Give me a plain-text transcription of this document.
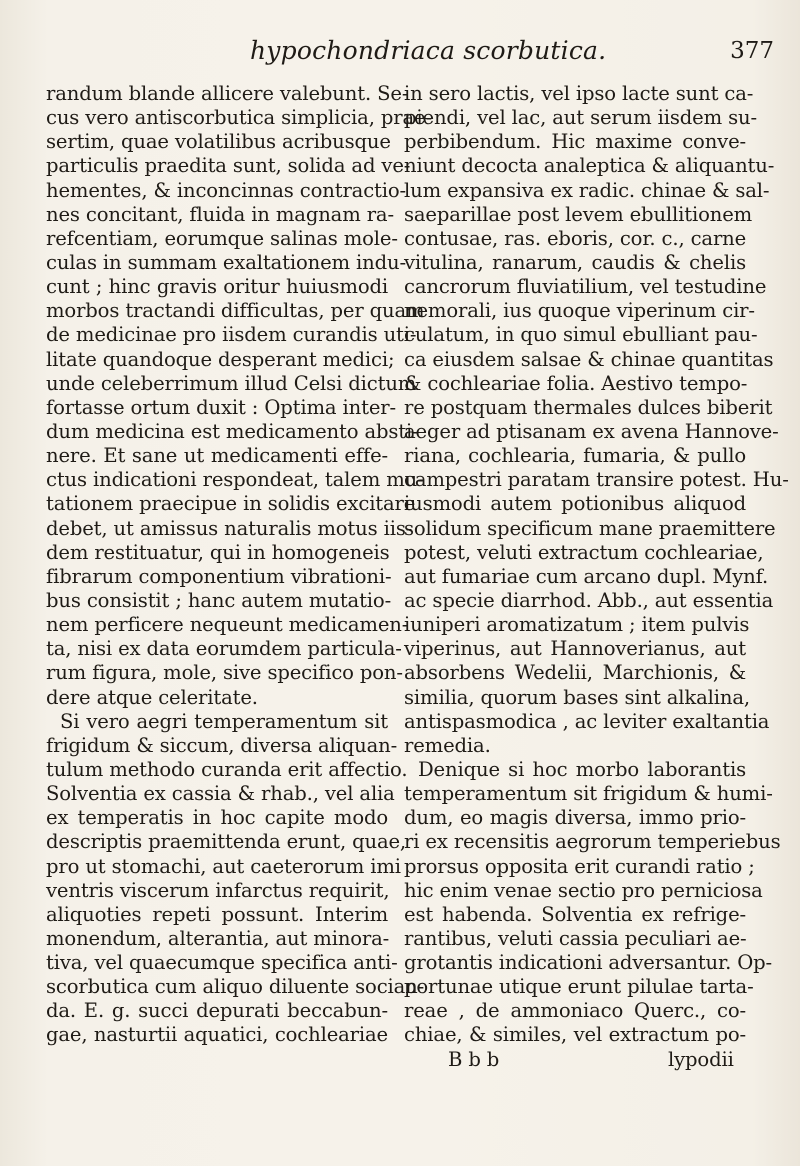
hypochondriaca scorbutica.	377
randum blande allicere valebunt. Se-
cus vero antiscorbutica simplicia, prae-
sertim, quae volatilibus acribusque
particulis praedita sunt, solida ad ve-
hementes, & inconcinnas contractio-
nes concitant, fluida in magnam ra-
refcentiam, eorumque salinas mole-
culas in summam exaltationem indu-
cunt ; hinc gravis oritur huiusmodi
morbos tractandi difficultas, per quam
de medicinae pro iisdem curandis uti-
litate quandoque desperant medici;
unde celeberrimum illud Celsi dictum
fortasse ortum duxit : Optima inter-
dum medicina est medicamento absti-
nere. Et sane ut medicamenti effe-
ctus indicationi respondeat, talem mu-
tationem praecipue in solidis excitare
debet, ut amissus naturalis motus iis-
dem restituatur, qui in homogeneis
fibrarum componentium vibrationi-
bus consistit ; hanc autem mutatio-
nem perficere nequeunt medicamen-
ta, nisi ex data eorumdem particula-
rum figura, mole, sive specifico pon-
dere atque celeritate.
Si vero aegri temperamentum sit
frigidum & siccum, diversa aliquan-
tulum methodo curanda erit affectio.
Solventia ex cassia & rhab., vel alia
ex temperatis in hoc capite modo
descriptis praemittenda erunt, quae,
pro ut stomachi, aut caeterorum imi
ventris viscerum infarctus requirit,
aliquoties repeti possunt. Interim
monendum, alterantia, aut minora-
tiva, vel quaecumque specifica anti-
scorbutica cum aliquo diluente socian-
da. E. g. succi depurati beccabun-
gae, nasturtii aquatici, cochleariae
in sero lactis, vel ipso lacte sunt ca-
piendi, vel lac, aut serum iisdem su-
perbibendum. Hic maxime conve-
niunt decocta analeptica & aliquantu-
lum expansiva ex radic. chinae & sal-
saeparillae post levem ebullitionem
contusae, ras. eboris, cor. c., carne
vitulina, ranarum, caudis & chelis
cancrorum fluviatilium, vel testudine
nemorali, ius quoque viperinum cir-
culatum, in quo simul ebulliant pau-
ca eiusdem salsae & chinae quantitas
& cochleariae folia. Aestivo tempo-
re postquam thermales dulces biberit
aeger ad ptisanam ex avena Hannove-
riana, cochlearia, fumaria, & pullo
campestri paratam transire potest. Hu-
iusmodi autem potionibus aliquod
solidum specificum mane praemittere
potest, veluti extractum cochleariae,
aut fumariae cum arcano dupl. Mynf.
ac specie diarrhod. Abb., aut essentia
iuniperi aromatizatum ; item pulvis
viperinus, aut Hannoverianus, aut
absorbens Wedelii, Marchionis, &
similia, quorum bases sint alkalina,
antispasmodica , ac leviter exaltantia
remedia.
Denique si hoc morbo laborantis
temperamentum sit frigidum & humi-
dum, eo magis diversa, immo prio-
ri ex recensitis aegrorum temperiebus
prorsus opposita erit curandi ratio ;
hic enim venae sectio pro perniciosa
est habenda. Solventia ex refrige-
rantibus, veluti cassia peculiari ae-
grotantis indicationi adversantur. Op-
portunae utique erunt pilulae tarta-
reae , de ammoniaco Querc., co-
chiae, & similes, vel extractum po-
B b b	lypodii
